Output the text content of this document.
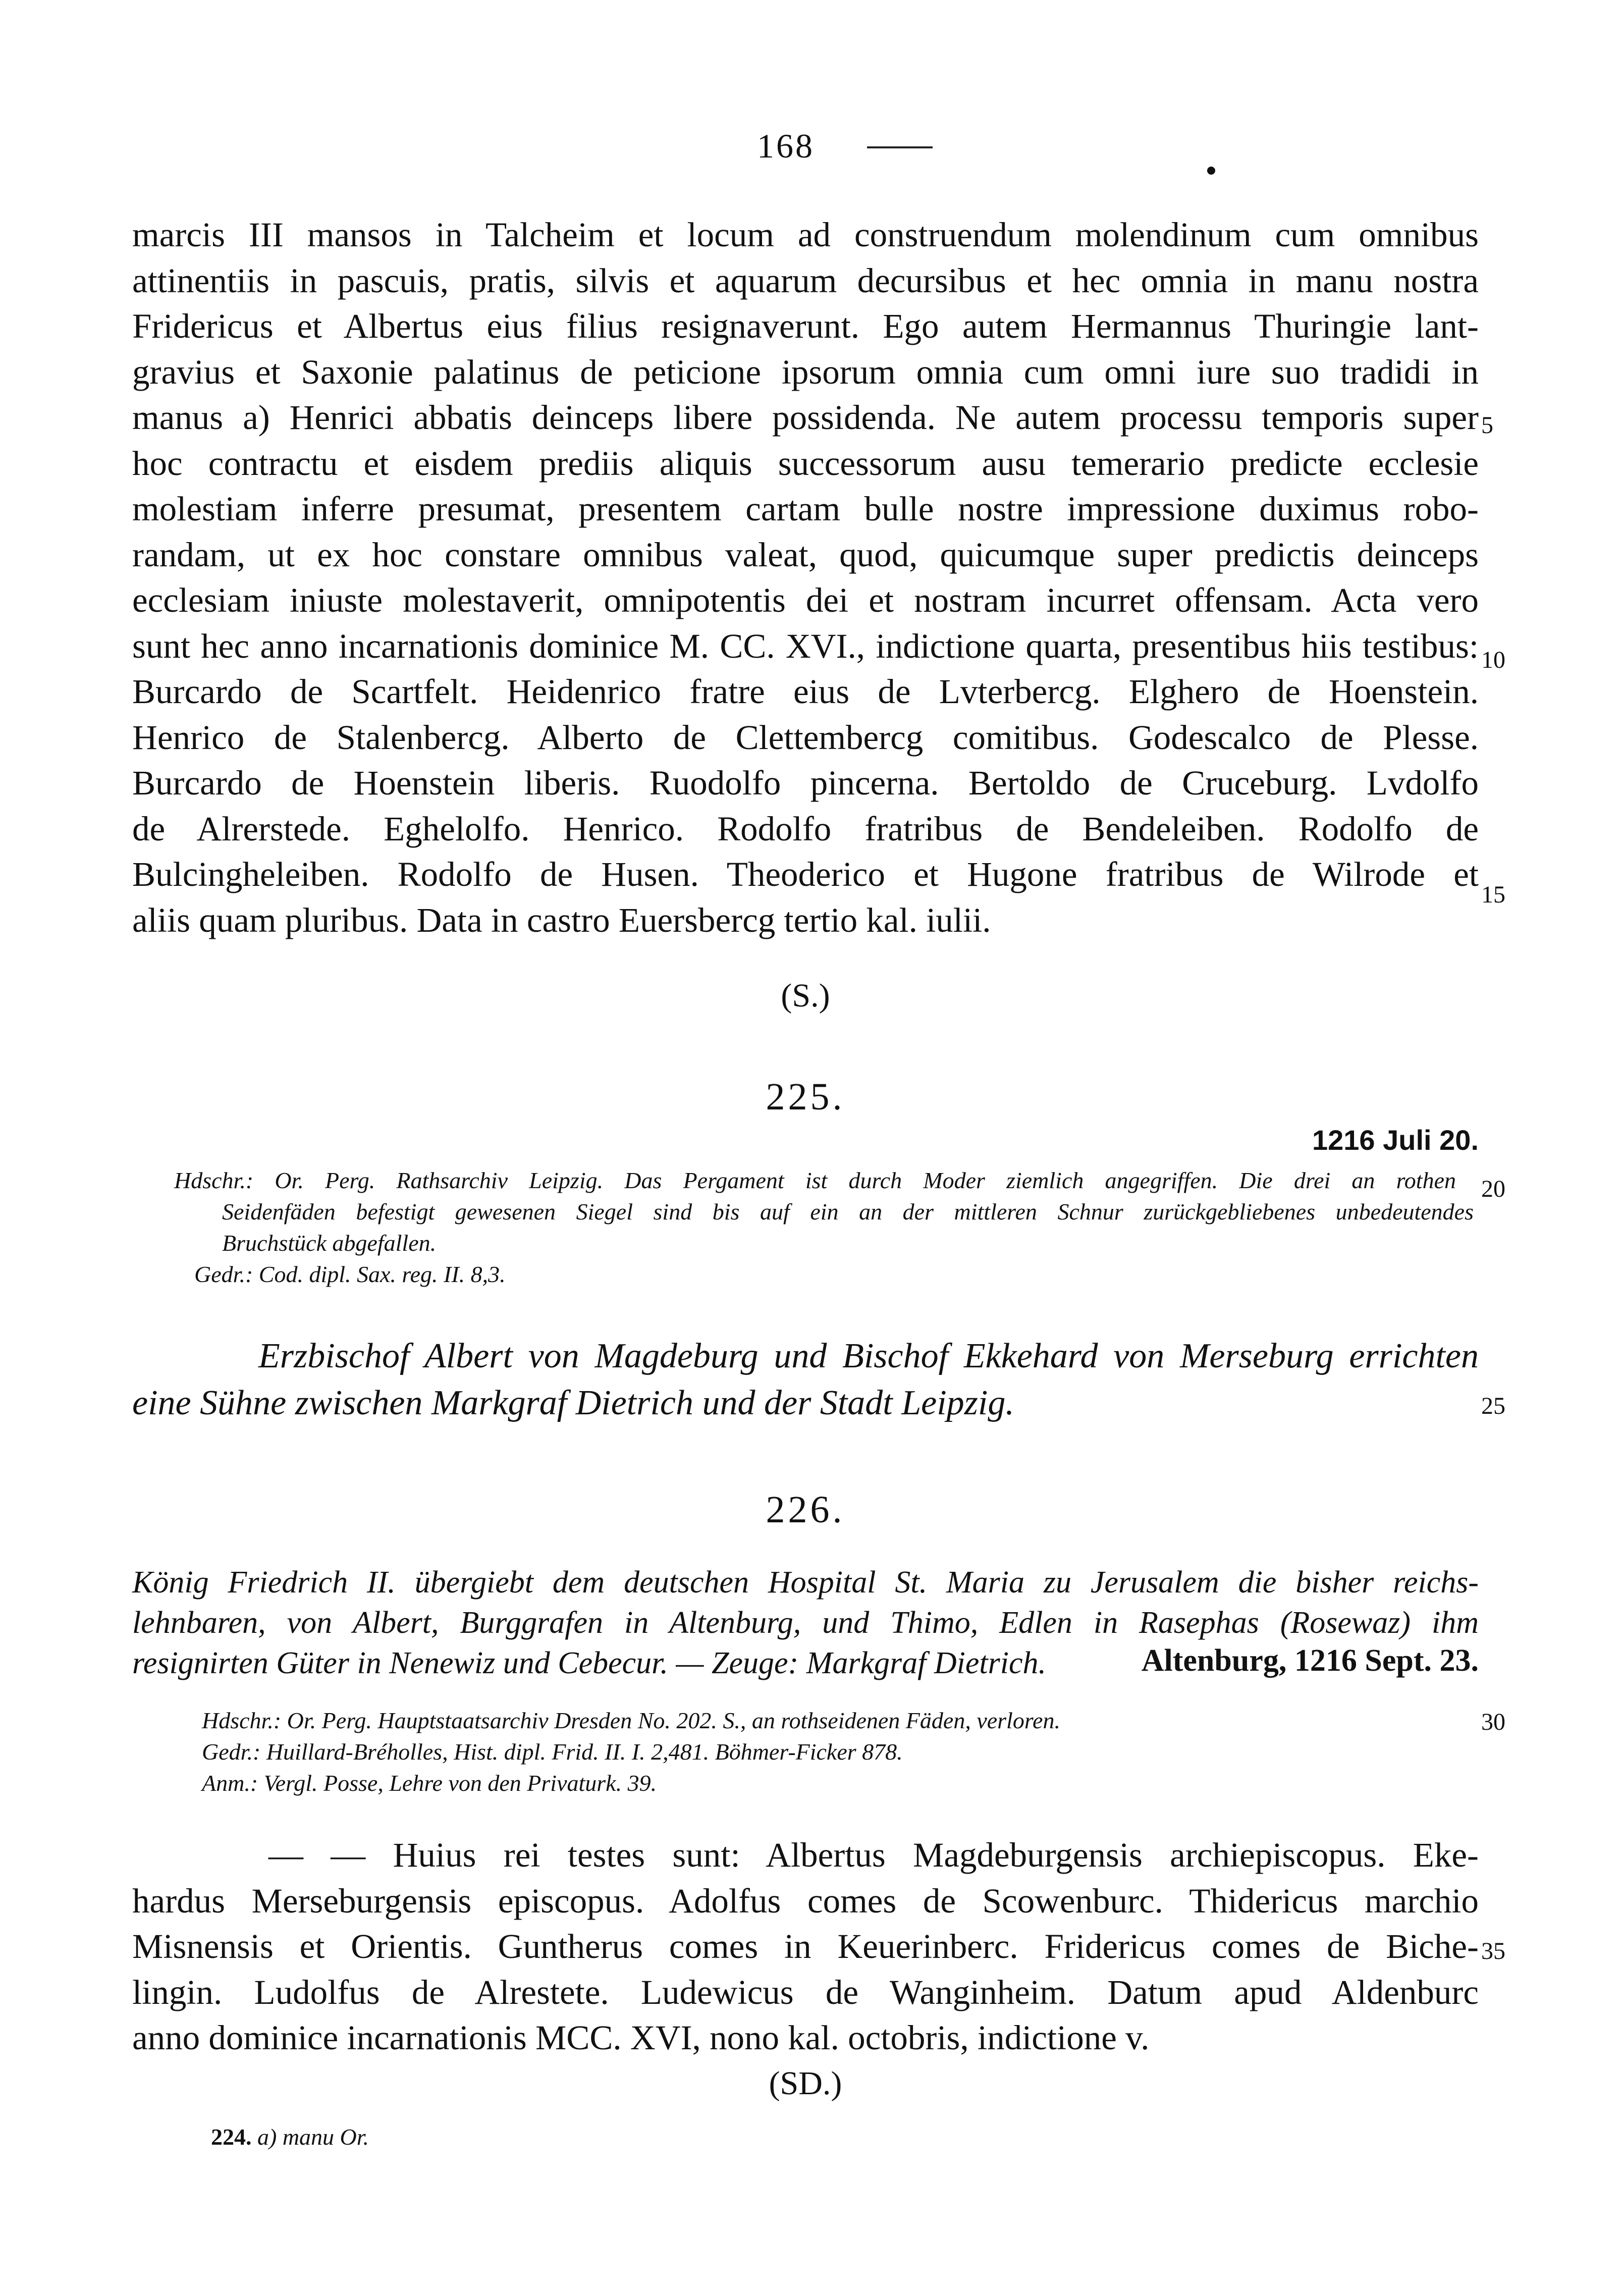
168
marcis III mansos in Talcheim et locum ad construendum molendinum cum omnibus
attinentiis in pascuis, pratis, silvis et aquarum decursibus et hec omnia in manu nostra
Fridericus et Albertus eius filius resignaverunt. Ego autem Hermannus Thuringie lant-
gravius et Saxonie palatinus de peticione ipsorum omnia cum omni iure suo tradidi in
manus a) Henrici abbatis deinceps libere possidenda. Ne autem processu temporis super
hoc contractu et eisdem prediis aliquis successorum ausu temerario predicte ecclesie
molestiam inferre presumat, presentem cartam bulle nostre impressione duximus robo-
randam, ut ex hoc constare omnibus valeat, quod, quicumque super predictis deinceps
ecclesiam iniuste molestaverit, omnipotentis dei et nostram incurret offensam. Acta vero
sunt hec anno incarnationis dominice M. CC. XVI., indictione quarta, presentibus hiis testibus:
Burcardo de Scartfelt. Heidenrico fratre eius de Lvterbercg. Elghero de Hoenstein.
Henrico de Stalenbercg. Alberto de Clettembercg comitibus. Godescalco de Plesse.
Burcardo de Hoenstein liberis. Ruodolfo pincerna. Bertoldo de Cruceburg. Lvdolfo
de Alrerstede. Eghelolfo. Henrico. Rodolfo fratribus de Bendeleiben. Rodolfo de
Bulcingheleiben. Rodolfo de Husen. Theoderico et Hugone fratribus de Wilrode et
aliis quam pluribus. Data in castro Euersbercg tertio kal. iulii.
5
10
15
20
25
30
35
(S.)
225.
1216 Juli 20.
Hdschr.: Or. Perg. Rathsarchiv Leipzig. Das Pergament ist durch Moder ziemlich angegriffen. Die drei an rothen
Seidenfäden befestigt gewesenen Siegel sind bis auf ein an der mittleren Schnur zurückgebliebenes unbedeutendes
Bruchstück abgefallen.
Gedr.: Cod. dipl. Sax. reg. II. 8,3.
Erzbischof Albert von Magdeburg und Bischof Ekkehard von Merseburg errichten
eine Sühne zwischen Markgraf Dietrich und der Stadt Leipzig.
226.
König Friedrich II. übergiebt dem deutschen Hospital St. Maria zu Jerusalem die bisher reichs-
lehnbaren, von Albert, Burggrafen in Altenburg, und Thimo, Edlen in Rasephas (Rosewaz) ihm
resignirten Güter in Nenewiz und Cebecur. — Zeuge: Markgraf Dietrich.	Altenburg, 1216 Sept. 23.
Hdschr.: Or. Perg. Hauptstaatsarchiv Dresden No. 202. S., an rothseidenen Fäden, verloren.
Gedr.: Huillard-Bréholles, Hist. dipl. Frid. II. I. 2,481. Böhmer-Ficker 878.
Anm.: Vergl. Posse, Lehre von den Privaturk. 39.
— — Huius rei testes sunt: Albertus Magdeburgensis archiepiscopus. Eke-
hardus Merseburgensis episcopus. Adolfus comes de Scowenburc. Thidericus marchio
Misnensis et Orientis. Guntherus comes in Keuerinberc. Fridericus comes de Biche-
lingin. Ludolfus de Alrestete. Ludewicus de Wanginheim. Datum apud Aldenburc
anno dominice incarnationis MCC. XVI, nono kal. octobris, indictione v.
(SD.)
224. a) manu Or.
